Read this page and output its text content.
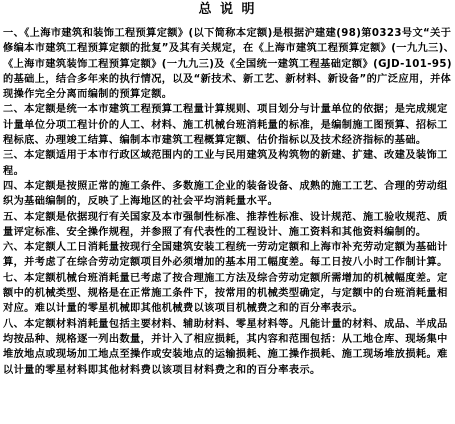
总 说 明

一、《上海市建筑和装饰工程预算定额》(以下简称本定额)是根据沪建建(98)第0323号文“关于修编本市建筑工程预算定额的批复”及其有关规定，在《上海市建筑工程预算定额》(一九九三)、《上海市建筑装饰工程预算定额》(一九九三)及《全国统一建筑工程基础定额》(GJD-101-95)的基础上，结合多年来的执行情况，以及“新技术、新工艺、新材料、新设备”的广泛应用，并体现操作完全分离而编制的预算定额。

二、本定额是统一本市建筑工程预算工程量计算规则、项目划分与计量单位的依据；是完成规定计量单位分项工程计价的人工、材料、施工机械台班消耗量的标准，是编制施工图预算、招标工程标底、办理竣工结算、编制本市建筑工程概算定额、估价指标以及技术经济指标的基础。

三、本定额适用于本市行政区域范围内的工业与民用建筑及构筑物的新建、扩建、改建及装饰工程。

四、本定额是按照正常的施工条件、多数施工企业的装备设备、成熟的施工工艺、合理的劳动组织为基础编制的，反映了上海地区的社会平均消耗量水平。

五、本定额是依据现行有关国家及本市强制性标准、推荐性标准、设计规范、施工验收规范、质量评定标准、安全操作规程，并参照了有代表性的工程设计、施工资料和其他资料编制的。

六、本定额人工日消耗量按现行全国建筑安装工程统一劳动定额和上海市补充劳动定额为基础计算，并考虑了在综合劳动定额项目外必须增加的基本用工幅度差。每工日按八小时工作制计算。

七、本定额机械台班消耗量已考虑了按合理施工方法及综合劳动定额所需增加的机械幅度差。定额中的机械类型、规格是在正常施工条件下，按常用的机械类型确定，与定额中的台班消耗量相对应。难以计量的零星机械即其他机械费以该项目机械费之和的百分率表示。

八、本定额材料消耗量包括主要材料、辅助材料、零星材料等。凡能计量的材料、成品、半成品均按品种、规格逐一列出数量，并计入了相应损耗，其内容和范围包括：从工地仓库、现场集中堆放地点或现场加工地点至操作或安装地点的运输损耗、施工操作损耗、施工现场堆放损耗。难以计量的零星材料即其他材料费以该项目材料费之和的百分率表示。
